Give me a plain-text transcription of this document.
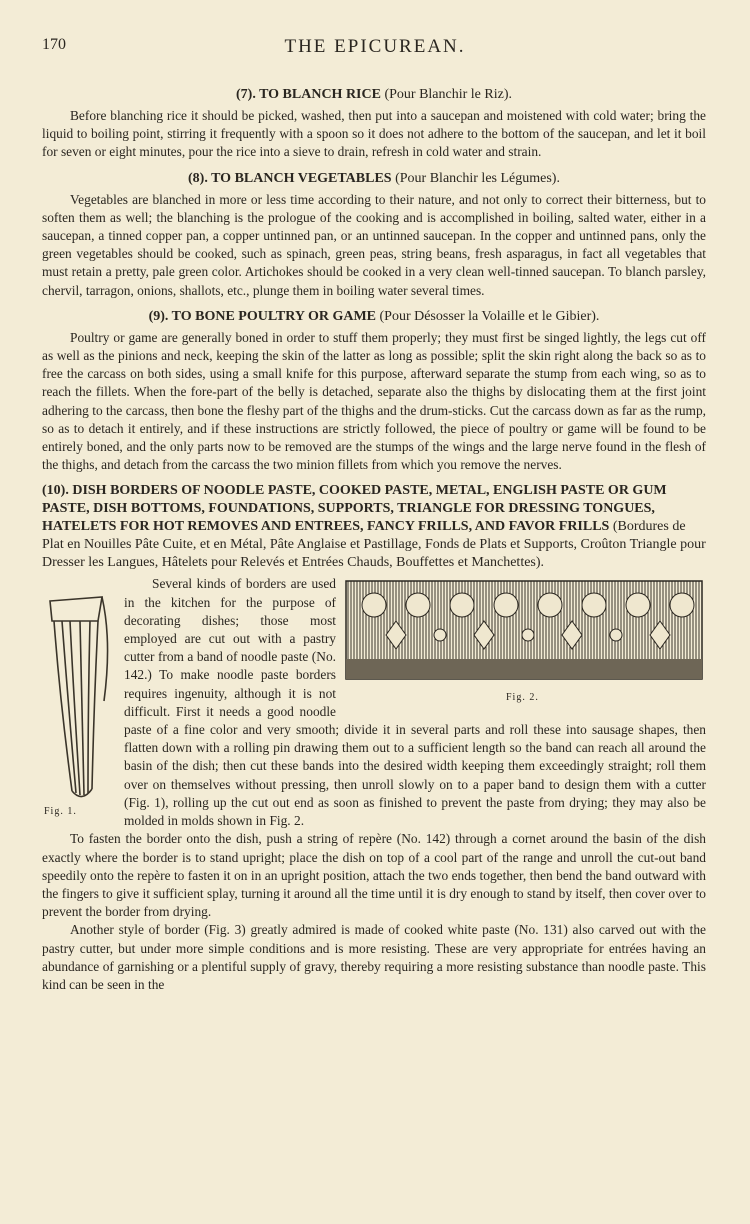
170	THE EPICUREAN.
(7). TO BLANCH RICE (Pour Blanchir le Riz).

Before blanching rice it should be picked, washed, then put into a saucepan and moistened with cold water; bring the liquid to boiling point, stirring it frequently with a spoon so it does not adhere to the bottom of the saucepan, and let it boil for seven or eight minutes, pour the rice into a sieve to drain, refresh in cold water and strain.

(8). TO BLANCH VEGETABLES (Pour Blanchir les Légumes).

Vegetables are blanched in more or less time according to their nature, and not only to correct their bitterness, but to soften them as well; the blanching is the prologue of the cooking and is accomplished in boiling, salted water, either in a saucepan, a tinned copper pan, a copper untinned pan, or an untinned saucepan. In the copper and untinned pans, only the green vegetables should be cooked, such as spinach, green peas, string beans, fresh asparagus, in fact all vegetables that must retain a pretty, pale green color. Artichokes should be cooked in a very clean well-tinned saucepan. To blanch parsley, chervil, tarragon, onions, shallots, etc., plunge them in boiling water several times.

(9). TO BONE POULTRY OR GAME (Pour Désosser la Volaille et le Gibier).

Poultry or game are generally boned in order to stuff them properly; they must first be singed lightly, the legs cut off as well as the pinions and neck, keeping the skin of the latter as long as possible; split the skin right along the back so as to free the carcass on both sides, using a small knife for this purpose, afterward separate the stump from each wing, so as to reach the fillets. When the fore-part of the belly is detached, separate also the thighs by dislocating them at the first joint adhering to the carcass, then bone the fleshy part of the thighs and the drum-sticks. Cut the carcass down as far as the rump, so as to detach it entirely, and if these instructions are strictly followed, the piece of poultry or game will be found to be entirely boned, and the only parts now to be removed are the stumps of the wings and the large nerve found in the flesh of the thighs, and detach from the carcass the two minion fillets from which you remove the nerves.

(10). DISH BORDERS OF NOODLE PASTE, COOKED PASTE, METAL, ENGLISH PASTE OR GUM PASTE, DISH BOTTOMS, FOUNDATIONS, SUPPORTS, TRIANGLE FOR DRESSING TONGUES, HATELETS FOR HOT REMOVES AND ENTREES, FANCY FRILLS, AND FAVOR FRILLS (Bordures de Plat en Nouilles Pâte Cuite, et en Métal, Pâte Anglaise et Pastillage, Fonds de Plats et Supports, Croûton Triangle pour Dresser les Langues, Hâtelets pour Relevés et Entrées Chauds, Bouffettes et Manchettes).
Fig. 1.
Fig. 2.

Several kinds of borders are used in the kitchen for the purpose of decorating dishes; those most employed are cut out with a pastry cutter from a band of noodle paste (No. 142.) To make noodle paste borders requires ingenuity, although it is not difficult. First it needs a good noodle paste of a fine color and very smooth; divide it in several parts and roll these into sausage shapes, then flatten down with a rolling pin drawing them out to a sufficient length so the band can reach all around the basin of the dish; then cut these bands into the desired width keeping them exceedingly straight; roll them over on themselves without pressing, then unroll slowly on to a paper band to design them with a cutter (Fig. 1), rolling up the cut out end as soon as finished to prevent the paste from drying; they may also be molded in molds shown in Fig. 2.

To fasten the border onto the dish, push a string of repère (No. 142) through a cornet around the basin of the dish exactly where the border is to stand upright; place the dish on top of a cool part of the range and unroll the cut-out band speedily onto the repère to fasten it on in an upright position, attach the two ends together, then bend the band outward with the fingers to give it sufficient splay, turning it around all the time until it is dry enough to stand by itself, then cover over to prevent the border from drying.

Another style of border (Fig. 3) greatly admired is made of cooked white paste (No. 131) also carved out with the pastry cutter, but under more simple conditions and is more resisting. These are very appropriate for entrées having an abundance of garnishing or a plentiful supply of gravy, thereby requiring a more resisting substance than noodle paste. This kind can be seen in the
